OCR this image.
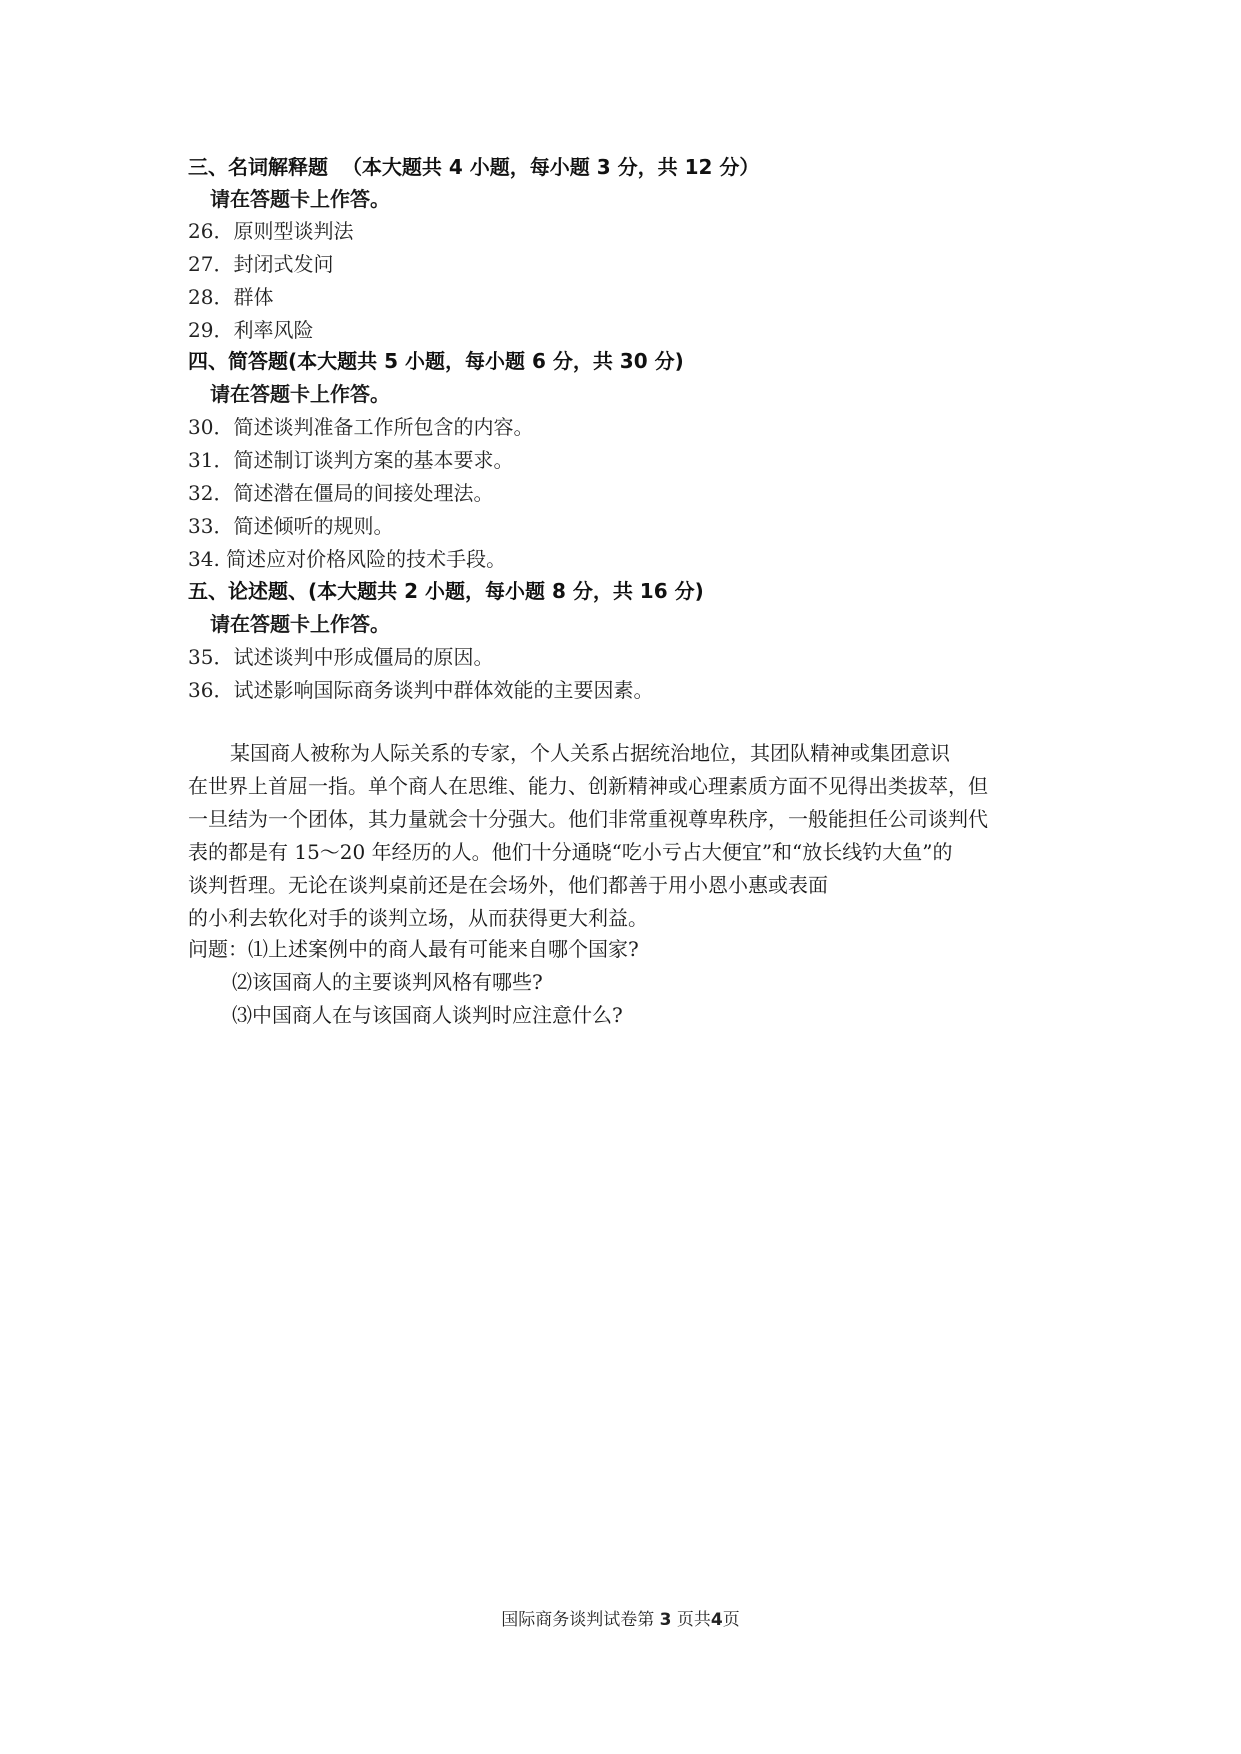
三、名词解释题 （本大题共 4 小题，每小题 3 分，共 12 分）
请在答题卡上作答。
26．原则型谈判法
27．封闭式发问
28．群体
29．利率风险
四、简答题(本大题共 5 小题，每小题 6 分，共 30 分)
请在答题卡上作答。
30．简述谈判准备工作所包含的内容。
31．简述制订谈判方案的基本要求。
32．简述潜在僵局的间接处理法。
33．简述倾听的规则。
34. 简述应对价格风险的技术手段。
五、论述题、(本大题共 2 小题，每小题 8 分，共 16 分)
请在答题卡上作答。
35．试述谈判中形成僵局的原因。
36．试述影响国际商务谈判中群体效能的主要因素。
某国商人被称为人际关系的专家，个人关系占据统治地位，其团队精神或集团意识
在世界上首屈一指。单个商人在思维、能力、创新精神或心理素质方面不见得出类拔萃，但
一旦结为一个团体，其力量就会十分强大。他们非常重视尊卑秩序，一般能担任公司谈判代
表的都是有 15～20 年经历的人。他们十分通晓“吃小亏占大便宜”和“放长线钓大鱼”的
谈判哲理。无论在谈判桌前还是在会场外，他们都善于用小恩小惠或表面
的小利去软化对手的谈判立场，从而获得更大利益。
问题：⑴上述案例中的商人最有可能来自哪个国家?
⑵该国商人的主要谈判风格有哪些?
⑶中国商人在与该国商人谈判时应注意什么?
国际商务谈判试卷第 3 页共4页
